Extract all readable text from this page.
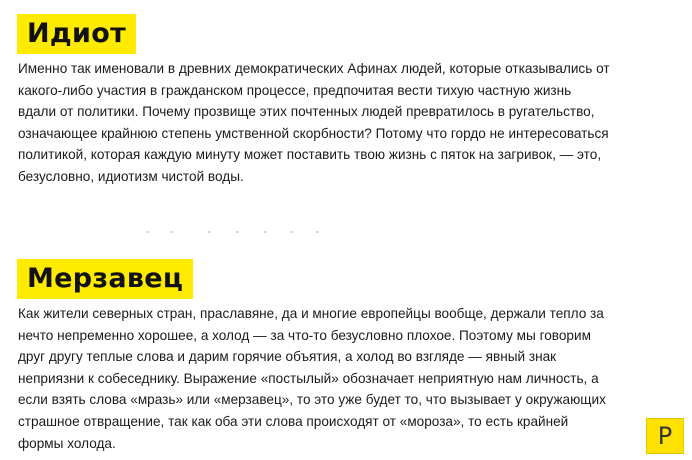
Идиот
Именно так именовали в древних демократических Афинах людей, которые отказывались от
какого-либо участия в гражданском процессе, предпочитая вести тихую частную жизнь
вдали от политики. Почему прозвище этих почтенных людей превратилось в ругательство,
означающее крайнюю степень умственной скорбности? Потому что гордо не интересоваться
политикой, которая каждую минуту может поставить твою жизнь с пяток на загривок, — это,
безусловно, идиотизм чистой воды.
Мерзавец
Как жители северных стран, праславяне, да и многие европейцы вообще, держали тепло за
нечто непременно хорошее, а холод — за что-то безусловно плохое. Поэтому мы говорим
друг другу теплые слова и дарим горячие объятия, а холод во взгляде — явный знак
неприязни к собеседнику. Выражение «постылый» обозначает неприятную нам личность, а
если взять слова «мразь» или «мерзавец», то это уже будет то, что вызывает у окружающих
страшное отвращение, так как оба эти слова происходят от «мороза», то есть крайней
формы холода.	Р
